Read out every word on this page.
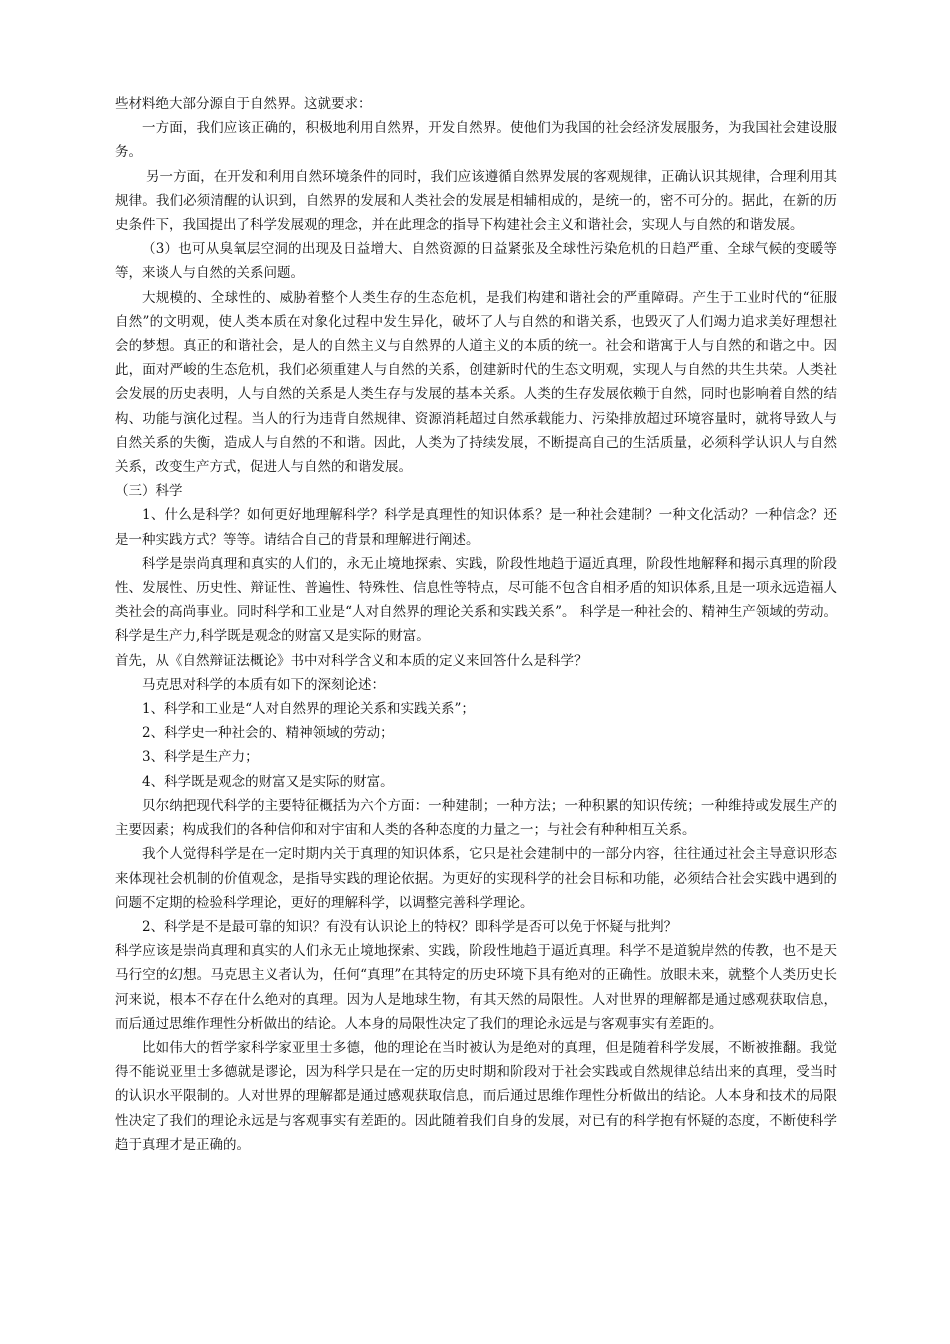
些材料绝大部分源自于自然界。这就要求：

一方面，我们应该正确的，积极地利用自然界，开发自然界。使他们为我国的社会经济发展服务，为我国社会建设服务。

另一方面，在开发和利用自然环境条件的同时，我们应该遵循自然界发展的客观规律，正确认识其规律，合理利用其规律。我们必须清醒的认识到，自然界的发展和人类社会的发展是相辅相成的，是统一的，密不可分的。据此，在新的历史条件下，我国提出了科学发展观的理念，并在此理念的指导下构建社会主义和谐社会，实现人与自然的和谐发展。

（3）也可从臭氧层空洞的出现及日益增大、自然资源的日益紧张及全球性污染危机的日趋严重、全球气候的变暖等等，来谈人与自然的关系问题。

大规模的、全球性的、威胁着整个人类生存的生态危机，是我们构建和谐社会的严重障碍。产生于工业时代的“征服自然”的文明观，使人类本质在对象化过程中发生异化，破坏了人与自然的和谐关系，也毁灭了人们竭力追求美好理想社会的梦想。真正的和谐社会，是人的自然主义与自然界的人道主义的本质的统一。社会和谐寓于人与自然的和谐之中。因此，面对严峻的生态危机，我们必须重建人与自然的关系，创建新时代的生态文明观，实现人与自然的共生共荣。人类社会发展的历史表明，人与自然的关系是人类生存与发展的基本关系。人类的生存发展依赖于自然，同时也影响着自然的结构、功能与演化过程。当人的行为违背自然规律、资源消耗超过自然承载能力、污染排放超过环境容量时，就将导致人与自然关系的失衡，造成人与自然的不和谐。因此，人类为了持续发展，不断提高自己的生活质量，必须科学认识人与自然关系，改变生产方式，促进人与自然的和谐发展。

（三）科学

1、什么是科学？如何更好地理解科学？科学是真理性的知识体系？是一种社会建制？一种文化活动？一种信念？还是一种实践方式？等等。请结合自己的背景和理解进行阐述。

科学是崇尚真理和真实的人们的，永无止境地探索、实践，阶段性地趋于逼近真理，阶段性地解释和揭示真理的阶段性、发展性、历史性、辩证性、普遍性、特殊性、信息性等特点，尽可能不包含自相矛盾的知识体系,且是一项永远造福人类社会的高尚事业。同时科学和工业是“人对自然界的理论关系和实践关系”。 科学是一种社会的、精神生产领域的劳动。 科学是生产力,科学既是观念的财富又是实际的财富。

首先，从《自然辩证法概论》书中对科学含义和本质的定义来回答什么是科学？

马克思对科学的本质有如下的深刻论述：

1、科学和工业是“人对自然界的理论关系和实践关系”；

2、科学史一种社会的、精神领域的劳动；

3、科学是生产力；

4、科学既是观念的财富又是实际的财富。

贝尔纳把现代科学的主要特征概括为六个方面：一种建制；一种方法；一种积累的知识传统；一种维持或发展生产的主要因素；构成我们的各种信仰和对宇宙和人类的各种态度的力量之一；与社会有种种相互关系。

我个人觉得科学是在一定时期内关于真理的知识体系，它只是社会建制中的一部分内容，往往通过社会主导意识形态来体现社会机制的价值观念，是指导实践的理论依据。为更好的实现科学的社会目标和功能，必须结合社会实践中遇到的问题不定期的检验科学理论，更好的理解科学，以调整完善科学理论。

2、科学是不是最可靠的知识？有没有认识论上的特权？即科学是否可以免于怀疑与批判？

科学应该是崇尚真理和真实的人们永无止境地探索、实践，阶段性地趋于逼近真理。科学不是道貌岸然的传教，也不是天马行空的幻想。马克思主义者认为，任何“真理”在其特定的历史环境下具有绝对的正确性。放眼未来，就整个人类历史长河来说，根本不存在什么绝对的真理。因为人是地球生物，有其天然的局限性。人对世界的理解都是通过感观获取信息，而后通过思维作理性分析做出的结论。人本身的局限性决定了我们的理论永远是与客观事实有差距的。

比如伟大的哲学家科学家亚里士多德，他的理论在当时被认为是绝对的真理，但是随着科学发展，不断被推翻。我觉得不能说亚里士多德就是谬论，因为科学只是在一定的历史时期和阶段对于社会实践或自然规律总结出来的真理，受当时的认识水平限制的。人对世界的理解都是通过感观获取信息，而后通过思维作理性分析做出的结论。人本身和技术的局限性决定了我们的理论永远是与客观事实有差距的。因此随着我们自身的发展，对已有的科学抱有怀疑的态度，不断使科学趋于真理才是正确的。
